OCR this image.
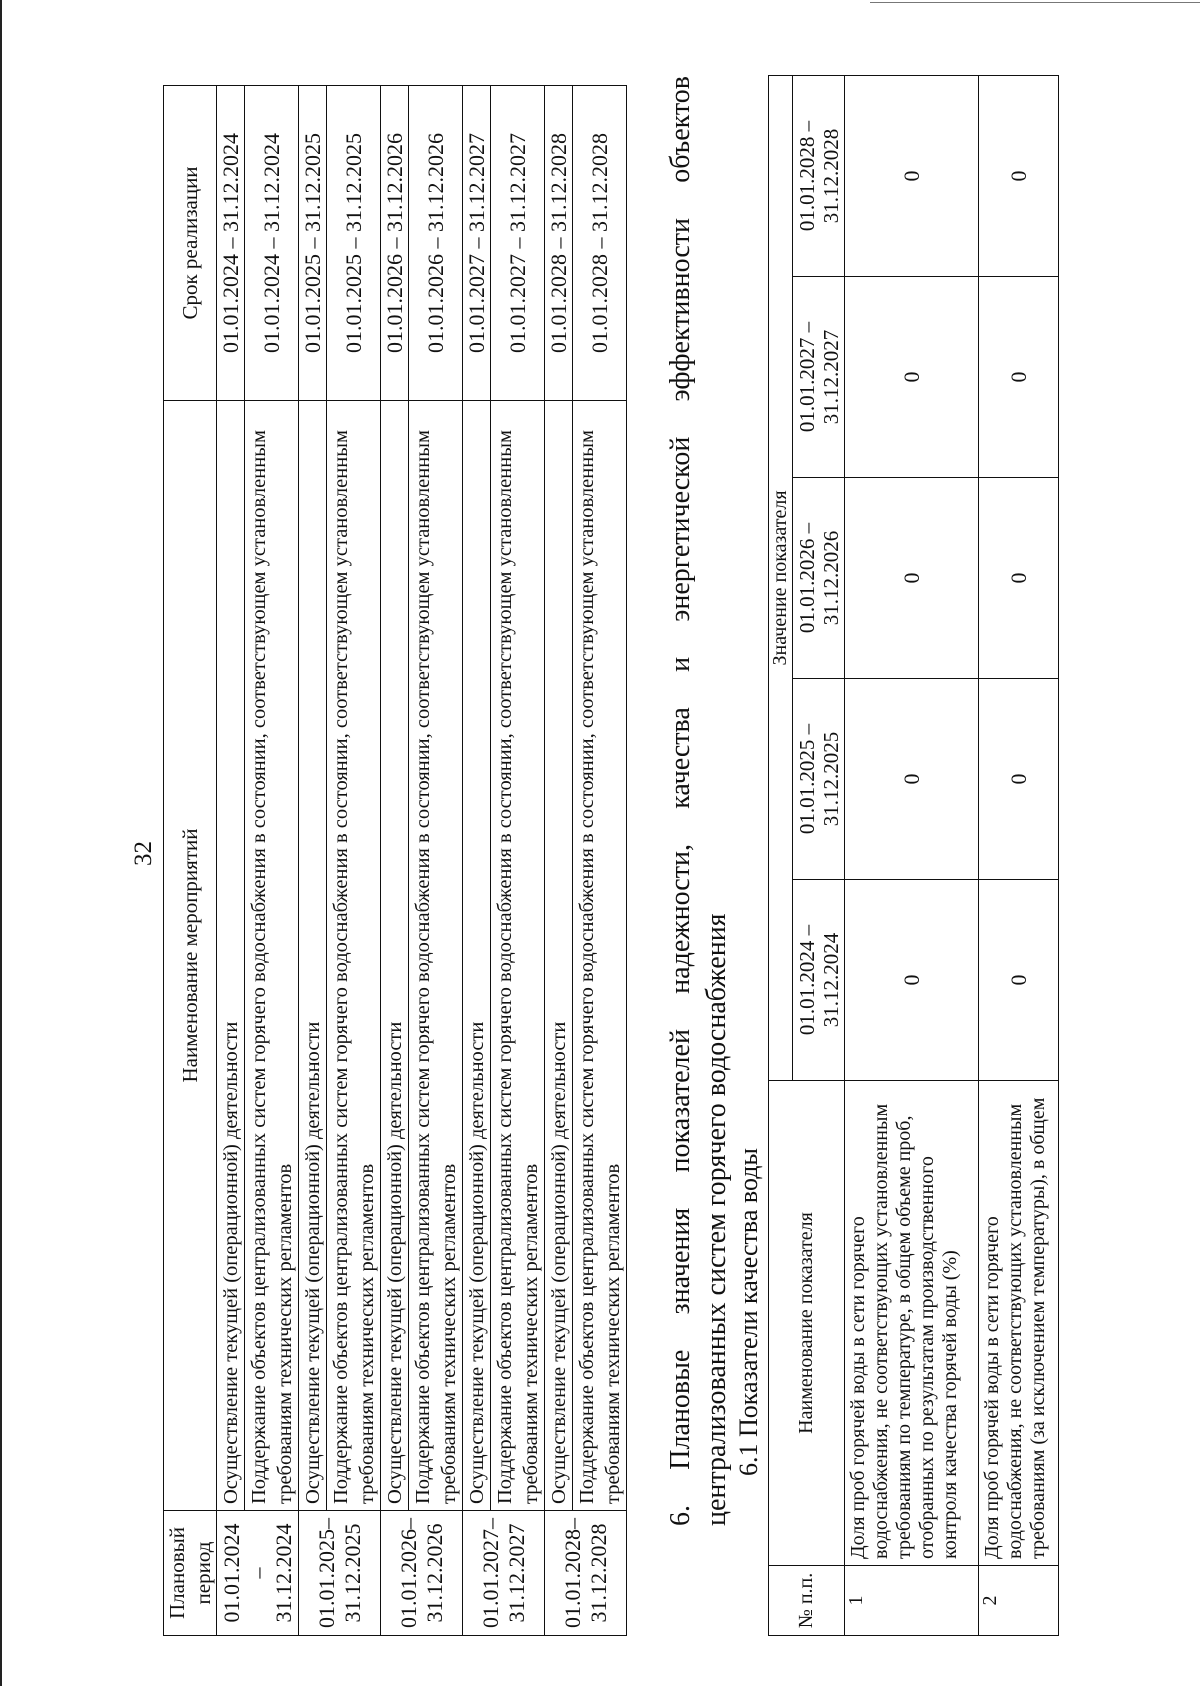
32
Плановый период	Наименование мероприятий	Срок реализации
01.01.2024 – 31.12.2024	Осуществление текущей (операционной) деятельности	01.01.2024 – 31.12.2024
	Поддержание объектов централизованных систем горячего водоснабжения в состоянии, соответствующем установленным требованиям технических регламентов	01.01.2024 – 31.12.2024
01.01.2025– 31.12.2025	Осуществление текущей (операционной) деятельности	01.01.2025 – 31.12.2025
	Поддержание объектов централизованных систем горячего водоснабжения в состоянии, соответствующем установленным требованиям технических регламентов	01.01.2025 – 31.12.2025
01.01.2026– 31.12.2026	Осуществление текущей (операционной) деятельности	01.01.2026 – 31.12.2026
	Поддержание объектов централизованных систем горячего водоснабжения в состоянии, соответствующем установленным требованиям технических регламентов	01.01.2026 – 31.12.2026
01.01.2027– 31.12.2027	Осуществление текущей (операционной) деятельности	01.01.2027 – 31.12.2027
	Поддержание объектов централизованных систем горячего водоснабжения в состоянии, соответствующем установленным требованиям технических регламентов	01.01.2027 – 31.12.2027
01.01.2028– 31.12.2028	Осуществление текущей (операционной) деятельности	01.01.2028 – 31.12.2028
	Поддержание объектов централизованных систем горячего водоснабжения в состоянии, соответствующем установленным требованиям технических регламентов	01.01.2028 – 31.12.2028 6. Плановые значения показателей надежности, качества и энергетической эффективности объектов централизованных систем горячего водоснабжения 6.1 Показатели качества воды
№ п.п.	Наименование показателя	Значение показателя				
		01.01.2024 – 31.12.2024	01.01.2025 – 31.12.2025	01.01.2026 – 31.12.2026	01.01.2027 – 31.12.2027	01.01.2028 – 31.12.2028
1	Доля проб горячей воды в сети горячего водоснабжения, не соответствующих установленным требованиям по температуре, в общем объеме проб, отобранных по результатам производственного контроля качества горячей воды (%)	0	0	0	0	0
2	Доля проб горячей воды в сети горячего водоснабжения, не соответствующих установленным требованиям (за исключением температуры), в общем	0	0	0	0	0
